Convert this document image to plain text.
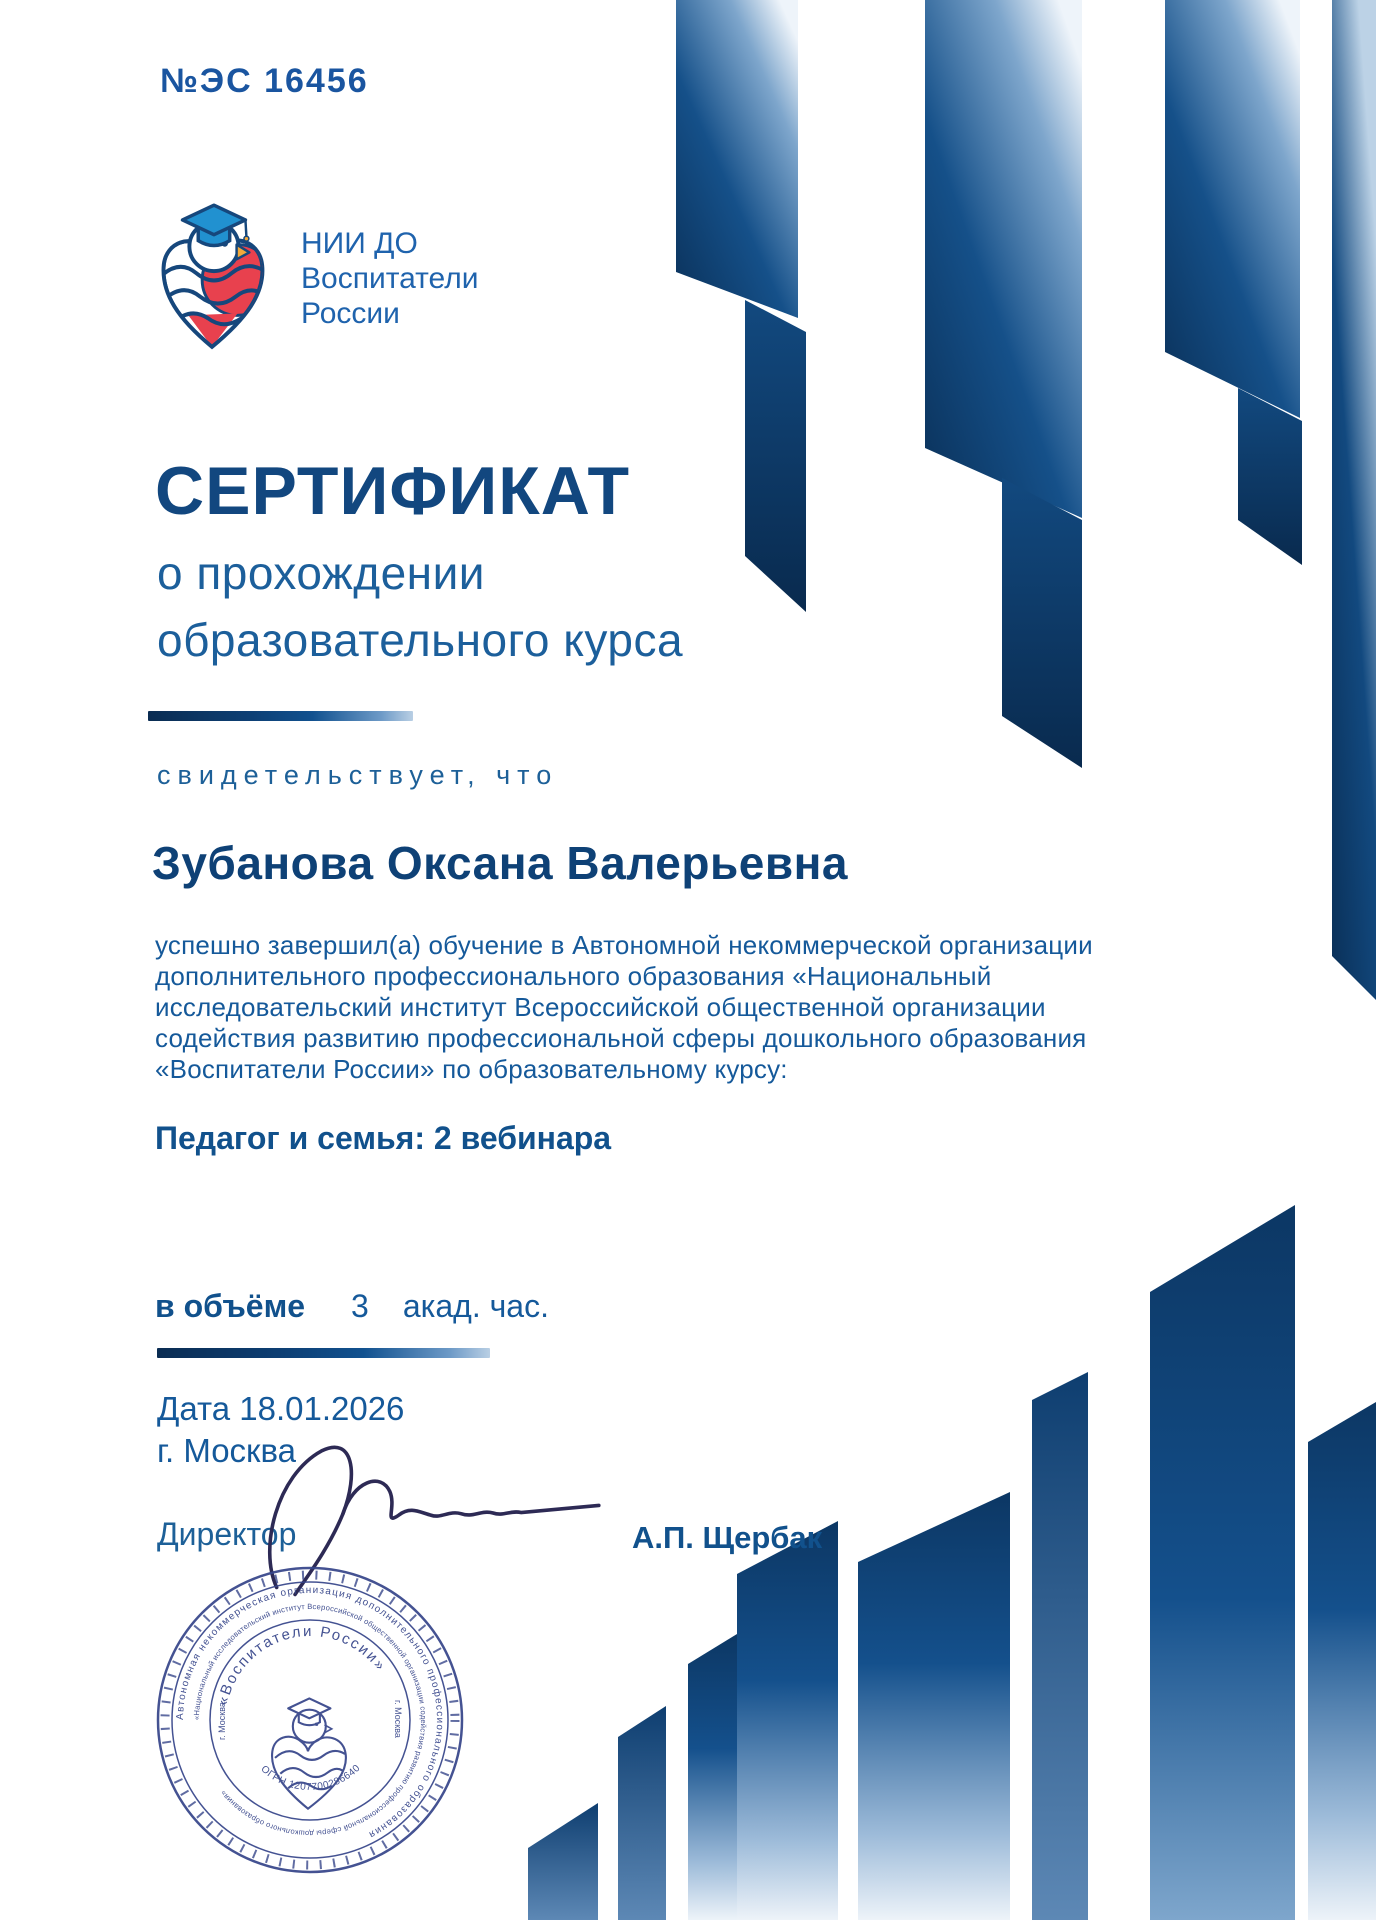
№ЭС 16456
НИИ ДО
Воспитатели
России
СЕРТИФИКАТ
о прохождении
образовательного курса
свидетельствует, что
Зубанова Оксана Валерьевна
успешно завершил(а) обучение в Автономной некоммерческой организации
дополнительного профессионального образования «Национальный
исследовательский институт Всероссийской общественной организации
содействия развитию профессиональной сферы дошкольного образования
«Воспитатели России» по образовательному курсу:
Педагог и семья: 2 вебинара
в объёме 3 акад. час.
Дата 18.01.2026
г. Москва
Директор	А.П. Щербак
Автономная некоммерческая организация дополнительного профессионального образования
«Национальный исследовательский институт Всероссийской общественной организации содействия развитию профессиональной сферы дошкольного образования»
«Воспитатели России»
ОГРН 1207700286640
г. Москва	г. Москва
